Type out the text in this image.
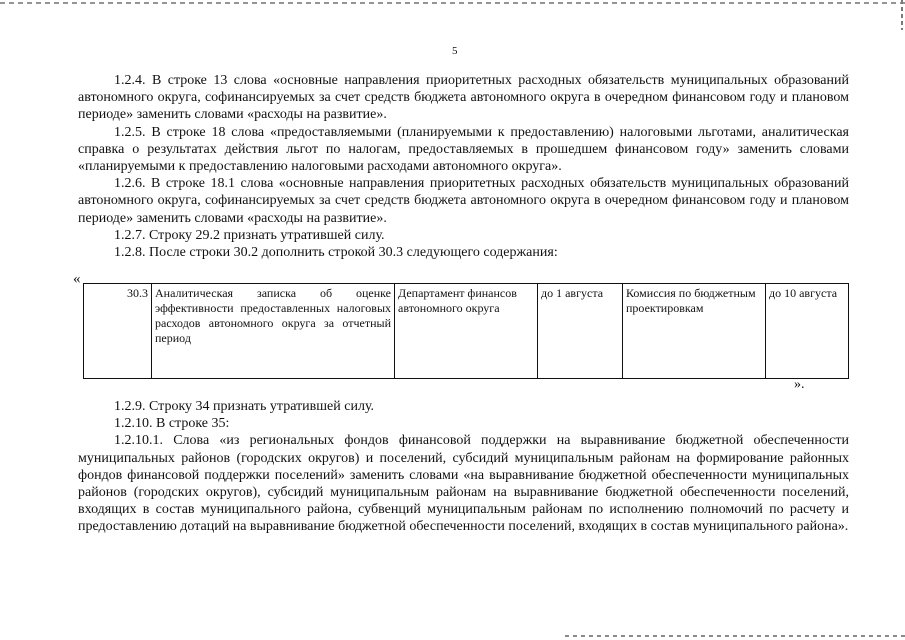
5

1.2.4. В строке 13 слова «основные направления приоритетных расходных обязательств муниципальных образований автономного округа, софинансируемых за счет средств бюджета автономного округа в очередном финансовом году и плановом периоде» заменить словами «расходы на развитие».

1.2.5. В строке 18 слова «предоставляемыми (планируемыми к предоставлению) налоговыми льготами, аналитическая справка о результатах действия льгот по налогам, предоставляемых в прошедшем финансовом году» заменить словами «планируемыми к предоставлению налоговыми расходами автономного округа».

1.2.6. В строке 18.1 слова «основные направления приоритетных расходных обязательств муниципальных образований автономного округа, софинансируемых за счет средств бюджета автономного округа в очередном финансовом году и плановом периоде» заменить словами «расходы на развитие».

1.2.7. Строку 29.2 признать утратившей силу.

1.2.8. После строки 30.2 дополнить строкой 30.3 следующего содержания:

«
30.3	Аналитическая записка об оценке эффективности предоставленных налоговых расходов автономного округа за отчетный период	Департамент финансов автономного округа	до 1 августа	Комиссия по бюджетным проектировкам	до 10 августа
».

1.2.9. Строку 34 признать утратившей силу.

1.2.10. В строке 35:

1.2.10.1. Слова «из региональных фондов финансовой поддержки на выравнивание бюджетной обеспеченности муниципальных районов (городских округов) и поселений, субсидий муниципальным районам на формирование районных фондов финансовой поддержки поселений» заменить словами «на выравнивание бюджетной обеспеченности муниципальных районов (городских округов), субсидий муниципальным районам на выравнивание бюджетной обеспеченности поселений, входящих в состав муниципального района, субвенций муниципальным районам по исполнению полномочий по расчету и предоставлению дотаций на выравнивание бюджетной обеспеченности поселений, входящих в состав муниципального района».
